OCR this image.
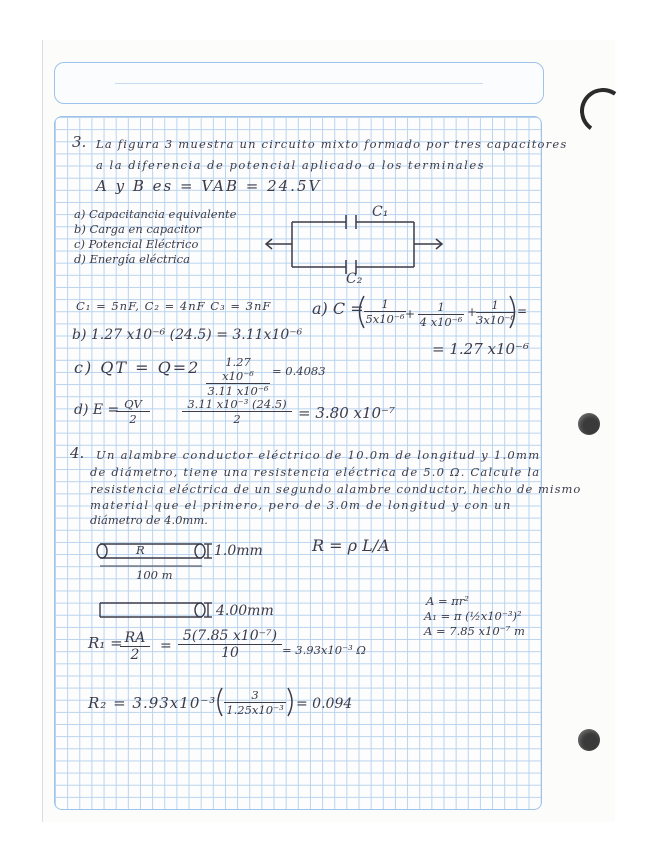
3. La figura 3 muestra un circuito mixto formado por tres capacitores
a la diferencia de potencial aplicado a los terminales
A y B es = VAB = 24.5V
a) Capacitancia equivalente
b) Carga en capacitor
c) Potencial Eléctrico
d) Energía eléctrica
C₁
C₂
C₁ = 5nF, C₂ = 4nF C₃ = 3nF	a) C =	+	+	=
$\frac{1}{\text{5x10⁻⁶}} \frac{1}{\text{4 x10⁻⁶}} \frac{1}{\text{3x10⁻⁶}}$
= 1.27 x10⁻⁶
b) 1.27 x10⁻⁶ (24.5) = 3.11x10⁻⁶
c) QT = $Q=2 \frac{\text{1.27 x10⁻⁶}}{\text{3.11 x10⁻⁶}} = 0.4083$
d) E =
$\frac{QV}{2}$	$\frac{\text{3.11 x10⁻³ (24.5)}}{2} = 3.80$ x10⁻⁷
4. Un alambre conductor eléctrico de 10.0m de longitud y 1.0mm
de diámetro, tiene una resistencia eléctrica de 5.0 Ω. Calcule la
resistencia eléctrica de un segundo alambre conductor, hecho de mismo
material que el primero, pero de 3.0m de longitud y con un
diámetro de 4.0mm.
R	1.0mm
100 m
R = ρ L/A
4.00mm
A = πr²
A₁ = π (½x10⁻³)²
A = 7.85 x10⁻⁷ m
R₁ =
$\frac{RA}{2} = \frac{\text{5(7.85 x10⁻⁷)}}{10} = 3.93x10^{-3}$ Ω
$R_2 = 3.93x10^{-3} \frac{3}{\text{1.25x10⁻³}} = 0.094$
